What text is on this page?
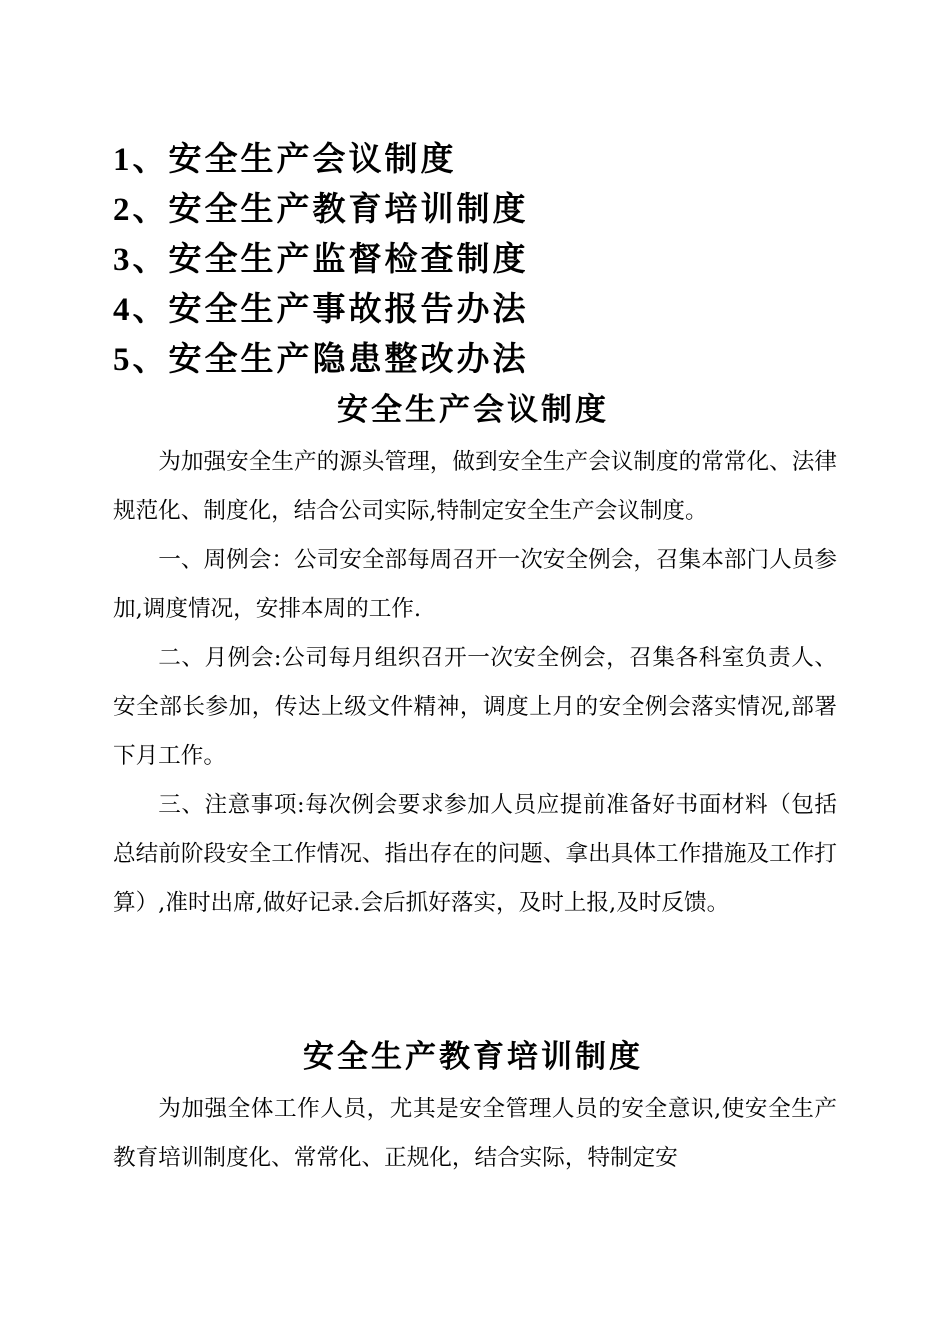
1、安全生产会议制度
2、安全生产教育培训制度
3、安全生产监督检查制度
4、安全生产事故报告办法
5、安全生产隐患整改办法
安全生产会议制度

为加强安全生产的源头管理，做到安全生产会议制度的常常化、法律规范化、制度化，结合公司实际,特制定安全生产会议制度。

一、周例会：公司安全部每周召开一次安全例会，召集本部门人员参加,调度情况，安排本周的工作.

二、月例会:公司每月组织召开一次安全例会，召集各科室负责人、安全部长参加，传达上级文件精神，调度上月的安全例会落实情况,部署下月工作。

三、注意事项:每次例会要求参加人员应提前准备好书面材料（包括总结前阶段安全工作情况、指出存在的问题、拿出具体工作措施及工作打算）,准时出席,做好记录.会后抓好落实，及时上报,及时反馈。

安全生产教育培训制度

为加强全体工作人员，尤其是安全管理人员的安全意识,使安全生产教育培训制度化、常常化、正规化，结合实际，特制定安
